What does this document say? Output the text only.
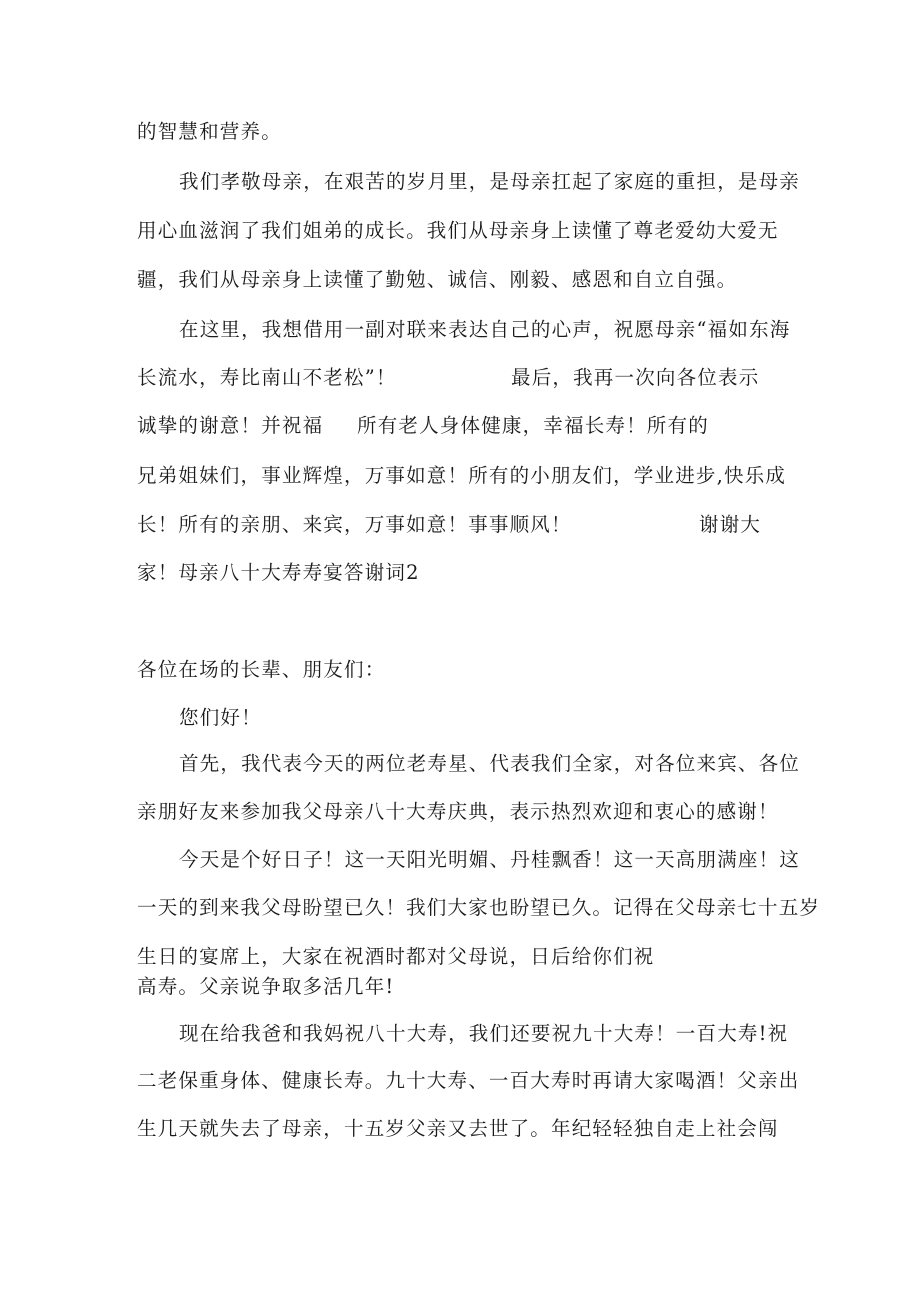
的智慧和营养。

我们孝敬母亲，在艰苦的岁月里，是母亲扛起了家庭的重担，是母亲

用心血滋润了我们姐弟的成长。我们从母亲身上读懂了尊老爱幼大爱无

疆，我们从母亲身上读懂了勤勉、诚信、刚毅、感恩和自立自强。

在这里，我想借用一副对联来表达自己的心声，祝愿母亲“福如东海

长流水，寿比南山不老松”！	最后，我再一次向各位表示

诚挚的谢意！并祝福 所有老人身体健康，幸福长寿！所有的

兄弟姐妹们，事业辉煌，万事如意！所有的小朋友们，学业进步,快乐成

长！所有的亲朋、来宾，万事如意！事事顺风！	谢谢大

家！母亲八十大寿寿宴答谢词2

各位在场的长辈、朋友们：

您们好！

首先，我代表今天的两位老寿星、代表我们全家，对各位来宾、各位

亲朋好友来参加我父母亲八十大寿庆典，表示热烈欢迎和衷心的感谢！

今天是个好日子！这一天阳光明媚、丹桂飘香！这一天高朋满座！这

一天的到来我父母盼望已久！我们大家也盼望已久。记得在父母亲七十五岁

生日的宴席上，大家在祝酒时都对父母说，日后给你们祝

高寿。父亲说争取多活几年!

现在给我爸和我妈祝八十大寿，我们还要祝九十大寿！一百大寿!祝

二老保重身体、健康长寿。九十大寿、一百大寿时再请大家喝酒！父亲出

生几天就失去了母亲，十五岁父亲又去世了。年纪轻轻独自走上社会闯
